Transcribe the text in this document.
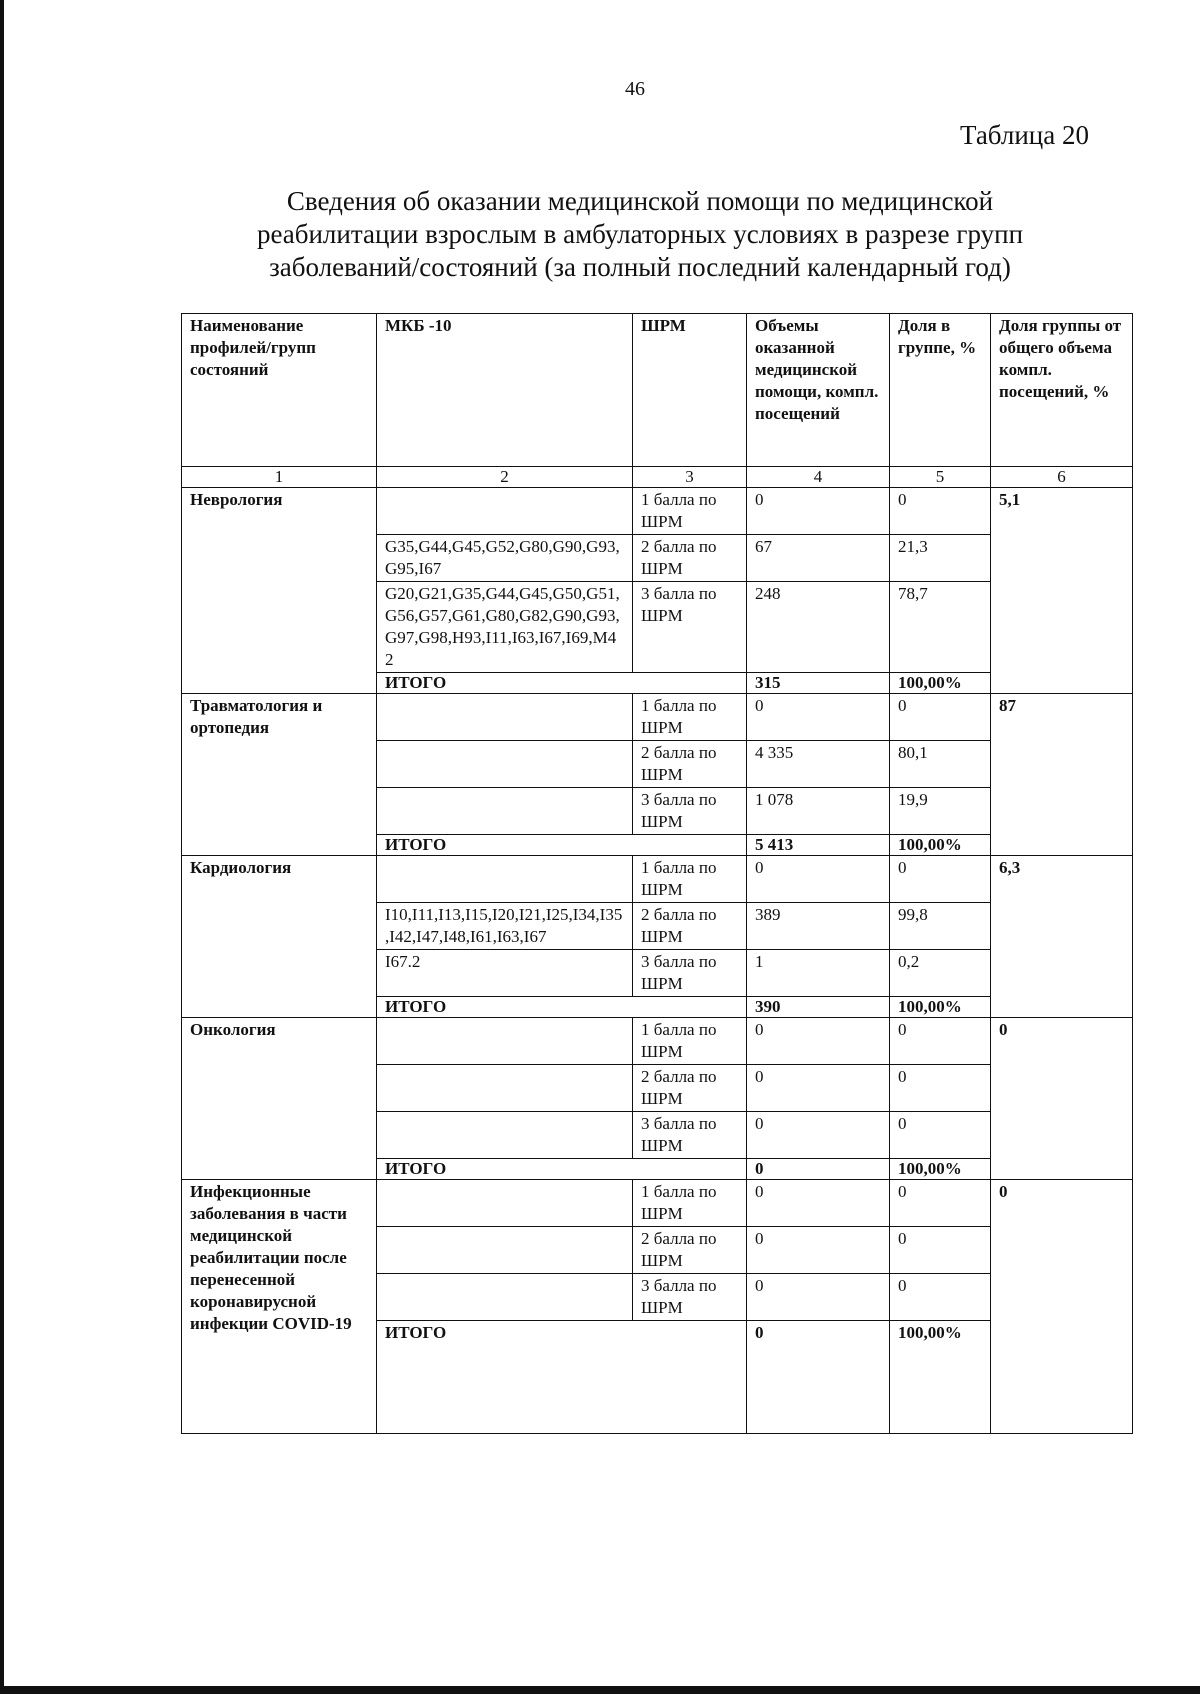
46
Таблица 20
Сведения об оказании медицинской помощи по медицинской
реабилитации взрослым в амбулаторных условиях в разрезе групп
заболеваний/состояний (за полный последний календарный год)
Наименование профилей/групп состояний	МКБ -10	ШРМ	Объемы оказанной медицинской помощи, компл. посещений	Доля в группе, %	Доля группы от общего объема компл. посещений, %
1	2	3	4	5	6
Неврология		1 балла по ШРМ	0	0	5,1
	G35,G44,G45,G52,G80,G90,G93,G95,I67	2 балла по ШРМ	67	21,3	
	G20,G21,G35,G44,G45,G50,G51,G56,G57,G61,G80,G82,G90,G93,G97,G98,H93,I11,I63,I67,I69,M42	3 балла по ШРМ	248	78,7	
	ИТОГО		315	100,00%	
Травматология и ортопедия		1 балла по ШРМ	0	0	87
		2 балла по ШРМ	4 335	80,1	
		3 балла по ШРМ	1 078	19,9	
	ИТОГО		5 413	100,00%	
Кардиология		1 балла по ШРМ	0	0	6,3
	I10,I11,I13,I15,I20,I21,I25,I34,I35,I42,I47,I48,I61,I63,I67	2 балла по ШРМ	389	99,8	
	I67.2	3 балла по ШРМ	1	0,2	
	ИТОГО		390	100,00%	
Онкология		1 балла по ШРМ	0	0	0
		2 балла по ШРМ	0	0	
		3 балла по ШРМ	0	0	
	ИТОГО		0	100,00%	
Инфекционные заболевания в части медицинской реабилитации после перенесенной коронавирусной инфекции COVID-19		1 балла по ШРМ	0	0	0
		2 балла по ШРМ	0	0	
		3 балла по ШРМ	0	0	
	ИТОГО		0	100,00%	
